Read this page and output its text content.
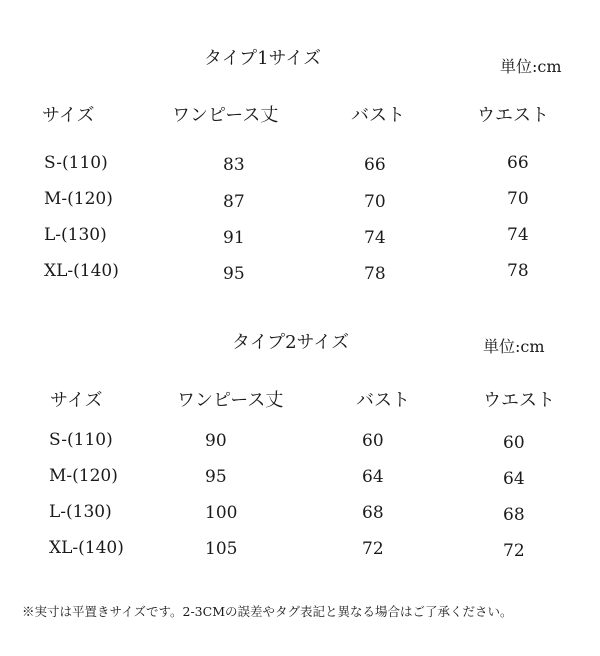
タイプ1サイズ	単位:cm
サイズ	ワンピース丈	バスト	ウエスト
S-(110)	83	66	66
M-(120)	87	70	70
L-(130)	91	74	74
XL-(140)	95	78	78
タイプ2サイズ	単位:cm
サイズ	ワンピース丈	バスト	ウエスト
S-(110)	90	60	60
M-(120)	95	64	64
L-(130)	100	68	68
XL-(140)	105	72	72
※実寸は平置きサイズです。2-3CMの誤差やタグ表記と異なる場合はご了承ください。
